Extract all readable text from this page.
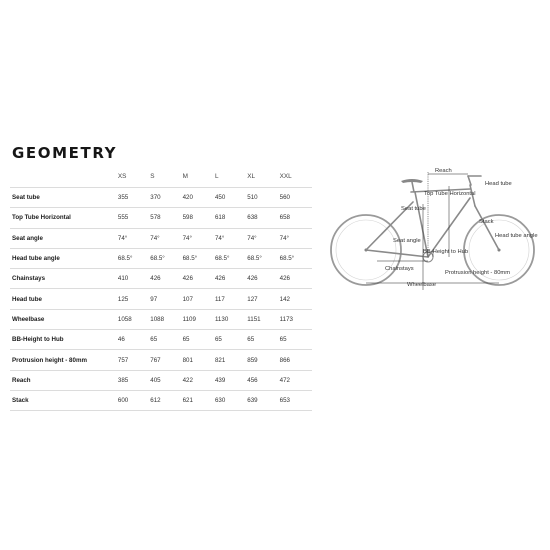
GEOMETRY
XS	S	M	L	XL	XXL
Seat tube	355	370	420	450	510	560
Top Tube Horizontal	555	578	598	618	638	658
Seat angle	74°	74°	74°	74°	74°	74°
Head tube angle	68.5°	68.5°	68.5°	68.5°	68.5°	68.5°
Chainstays	410	426	426	426	426	426
Head tube	125	97	107	117	127	142
Wheelbase	1058	1088	1109	1130	1151	1173
BB-Height to Hub	46	65	65	65	65	65
Protrusion height - 80mm	757	767	801	821	859	866
Reach	385	405	422	439	456	472
Stack	600	612	621	630	639	653
Reach
Head tube
Top Tube Horizontal
Seat tube
Stack
Head tube angle
Seat angle
BB-Height to Hub
Chainstays
Protrusion height - 80mm
Wheelbase
